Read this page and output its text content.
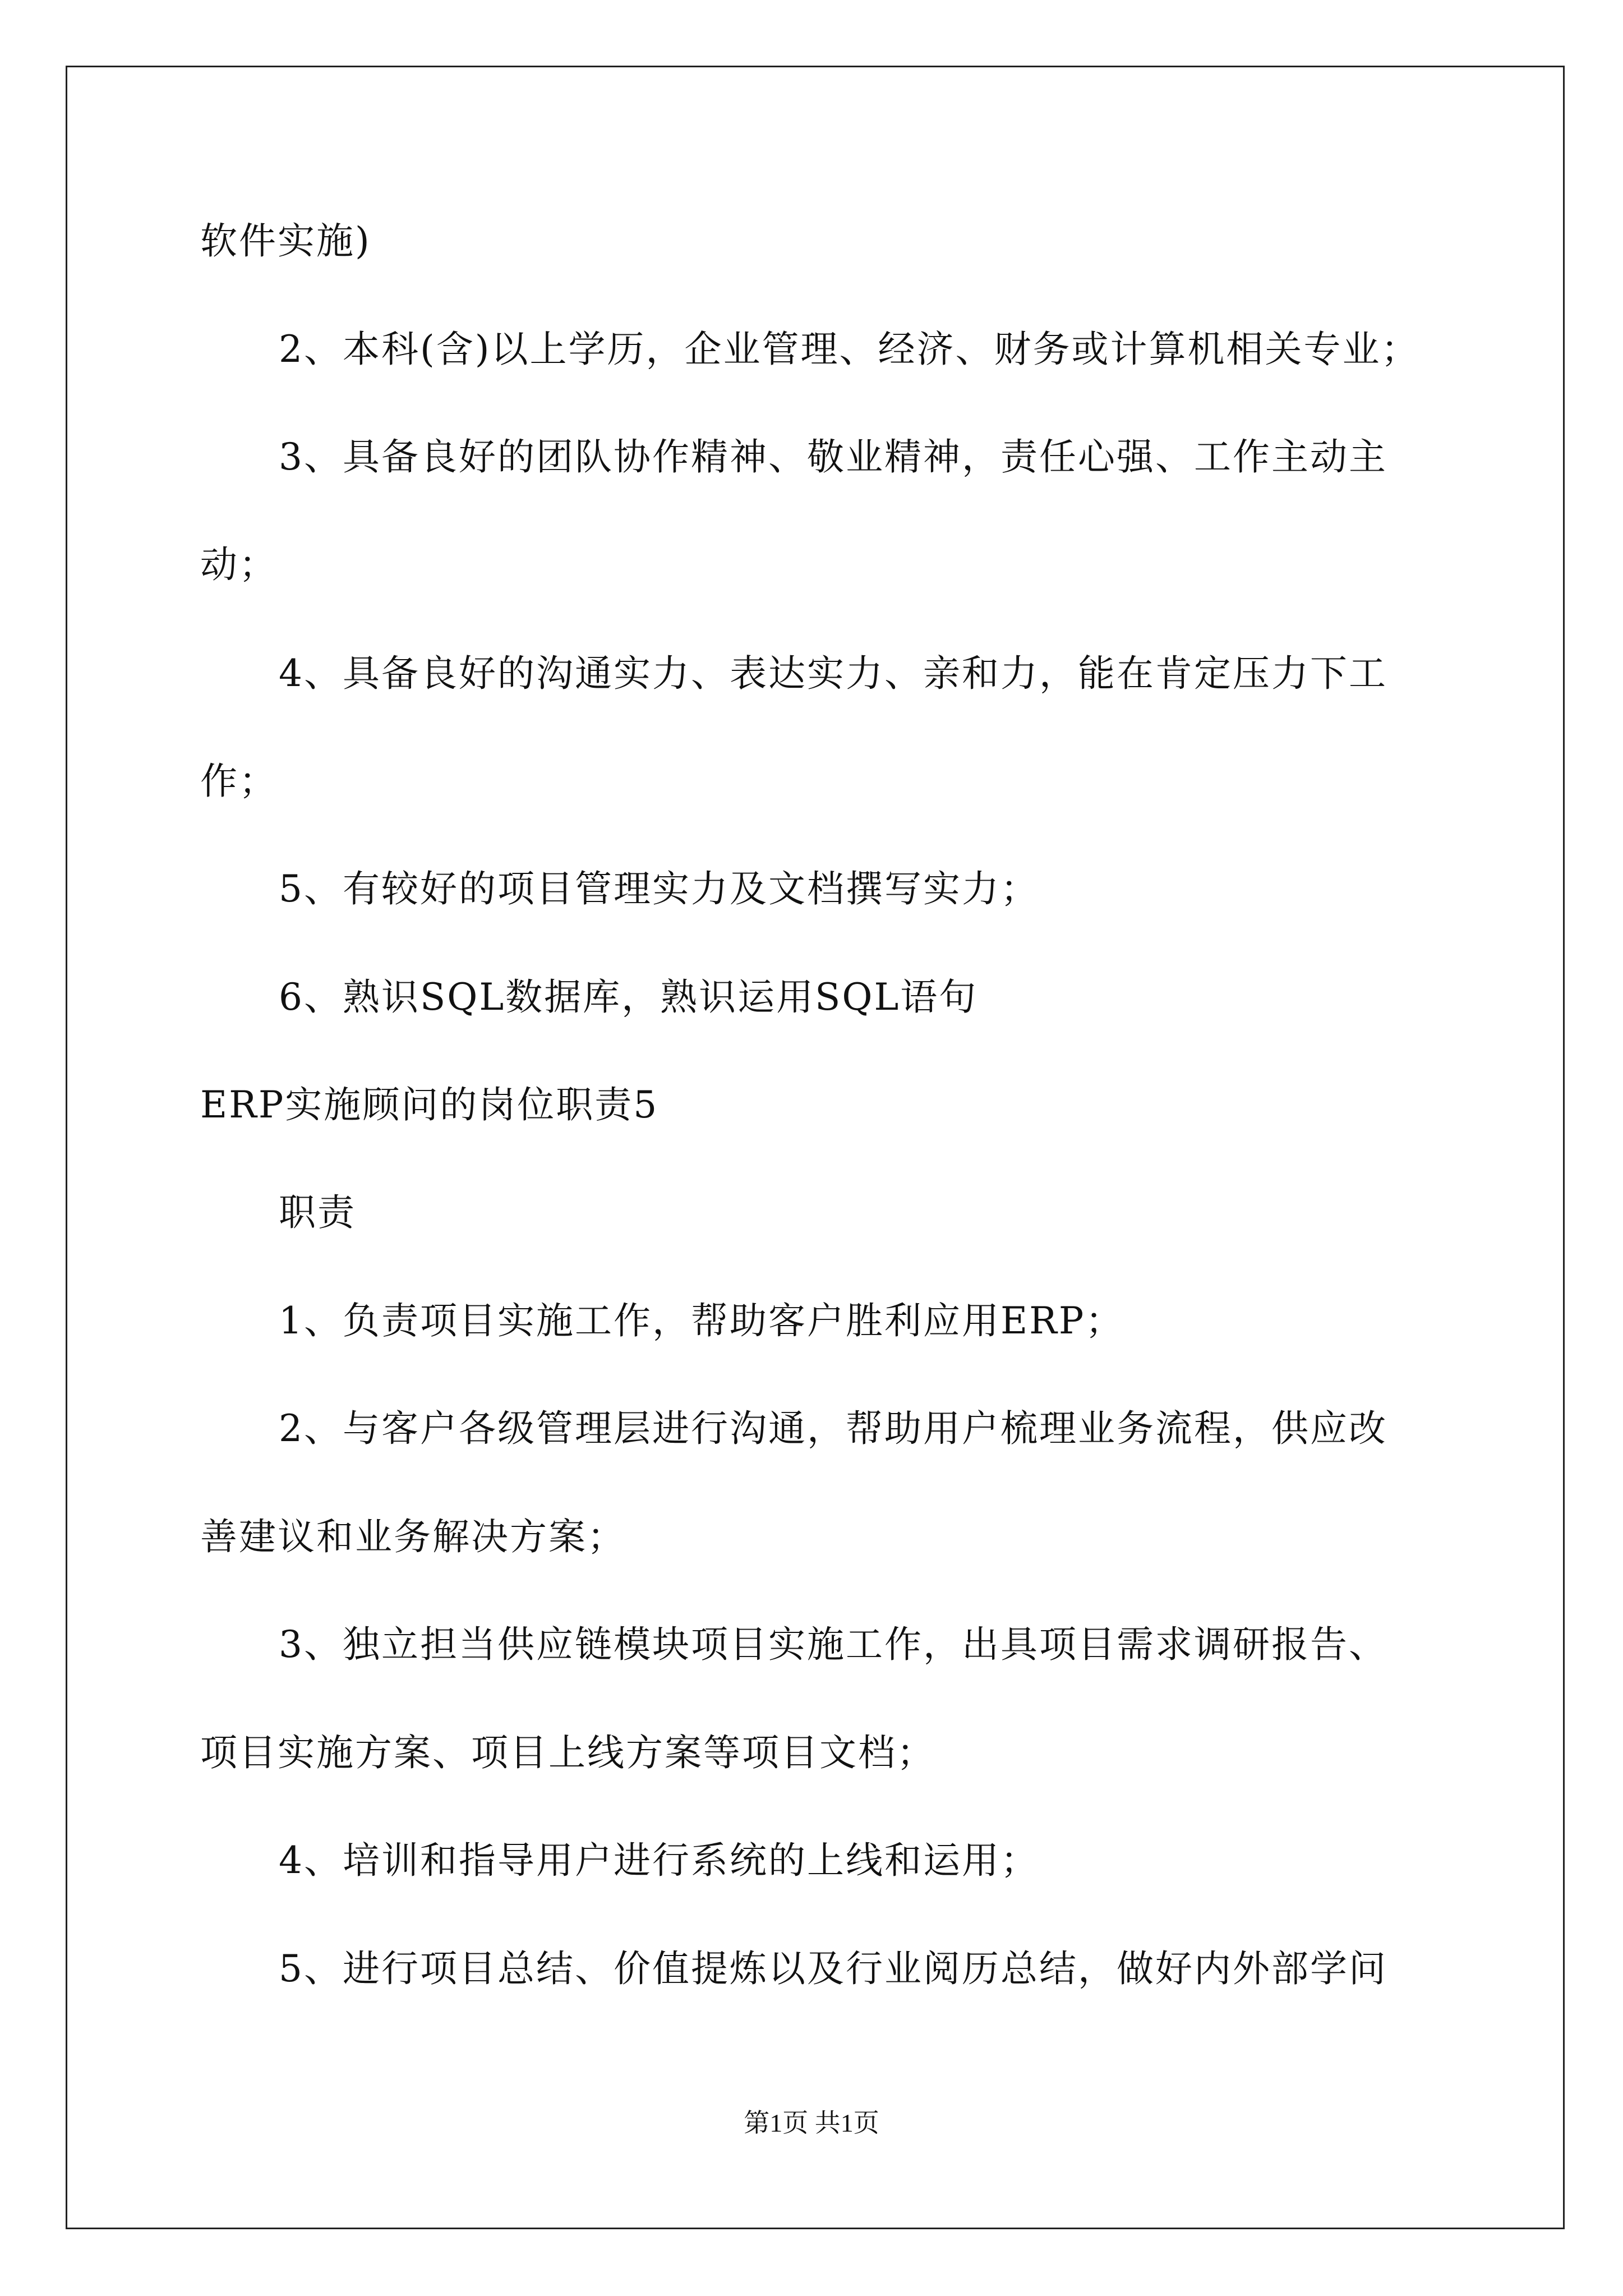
软件实施)
2、本科(含)以上学历，企业管理、经济、财务或计算机相关专业；
3、具备良好的团队协作精神、敬业精神，责任心强、工作主动主
动；
4、具备良好的沟通实力、表达实力、亲和力，能在肯定压力下工
作；
5、有较好的项目管理实力及文档撰写实力；
6、熟识SQL数据库，熟识运用SQL语句
ERP实施顾问的岗位职责5
职责
1、负责项目实施工作，帮助客户胜利应用ERP；
2、与客户各级管理层进行沟通，帮助用户梳理业务流程，供应改
善建议和业务解决方案；
3、独立担当供应链模块项目实施工作，出具项目需求调研报告、
项目实施方案、项目上线方案等项目文档；
4、培训和指导用户进行系统的上线和运用；
5、进行项目总结、价值提炼以及行业阅历总结，做好内外部学问
第1页 共1页
